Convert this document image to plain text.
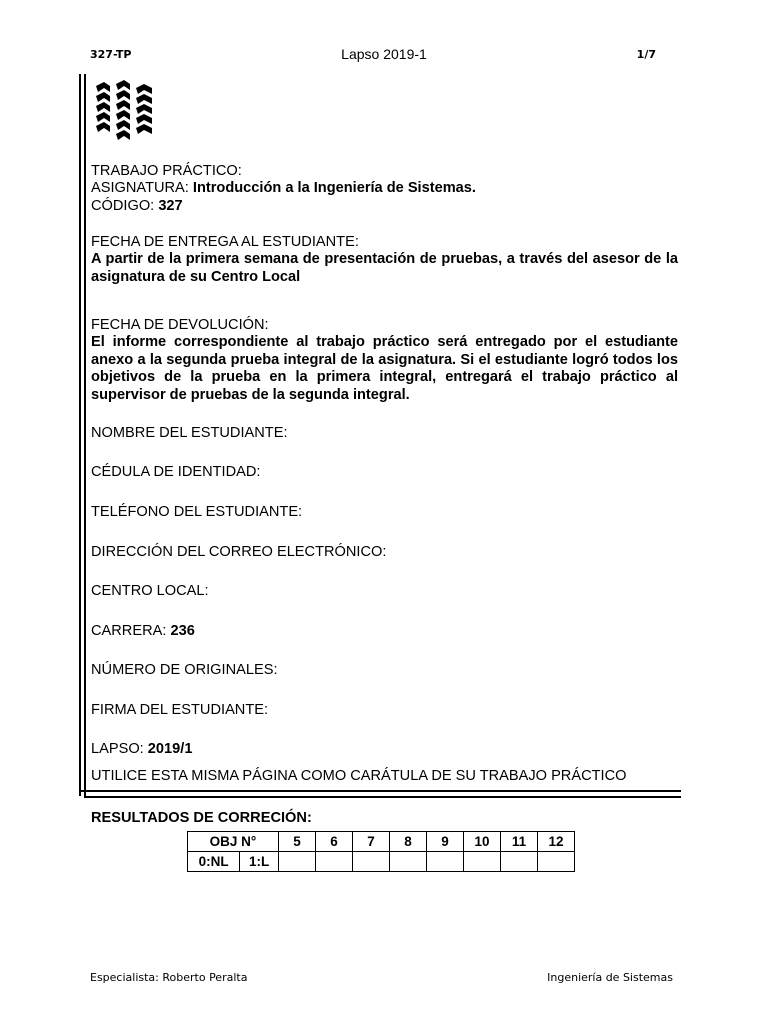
327-TP	Lapso 2019-1	1/7
TRABAJO PRÁCTICO:
ASIGNATURA: Introducción a la Ingeniería de Sistemas.
CÓDIGO: 327
FECHA DE ENTREGA AL ESTUDIANTE:
A partir de la primera semana de presentación de pruebas, a través del asesor de la asignatura de su Centro Local
FECHA DE DEVOLUCIÓN:
El informe correspondiente al trabajo práctico será entregado por el estudiante anexo a la segunda prueba integral de la asignatura. Si el estudiante logró todos los objetivos de la prueba en la primera integral, entregará el trabajo práctico al supervisor de pruebas de la segunda integral.
NOMBRE DEL ESTUDIANTE:
CÉDULA DE IDENTIDAD:
TELÉFONO DEL ESTUDIANTE:
DIRECCIÓN DEL CORREO ELECTRÓNICO:
CENTRO LOCAL:
CARRERA: 236
NÚMERO DE ORIGINALES:
FIRMA DEL ESTUDIANTE:
LAPSO: 2019/1
UTILICE ESTA MISMA PÁGINA COMO CARÁTULA DE SU TRABAJO PRÁCTICO
RESULTADOS DE CORRECIÓN:
OBJ N°		5	6	7	8	9	10	11	12
0:NL	1:L								
Especialista: Roberto Peralta	Ingeniería de Sistemas
